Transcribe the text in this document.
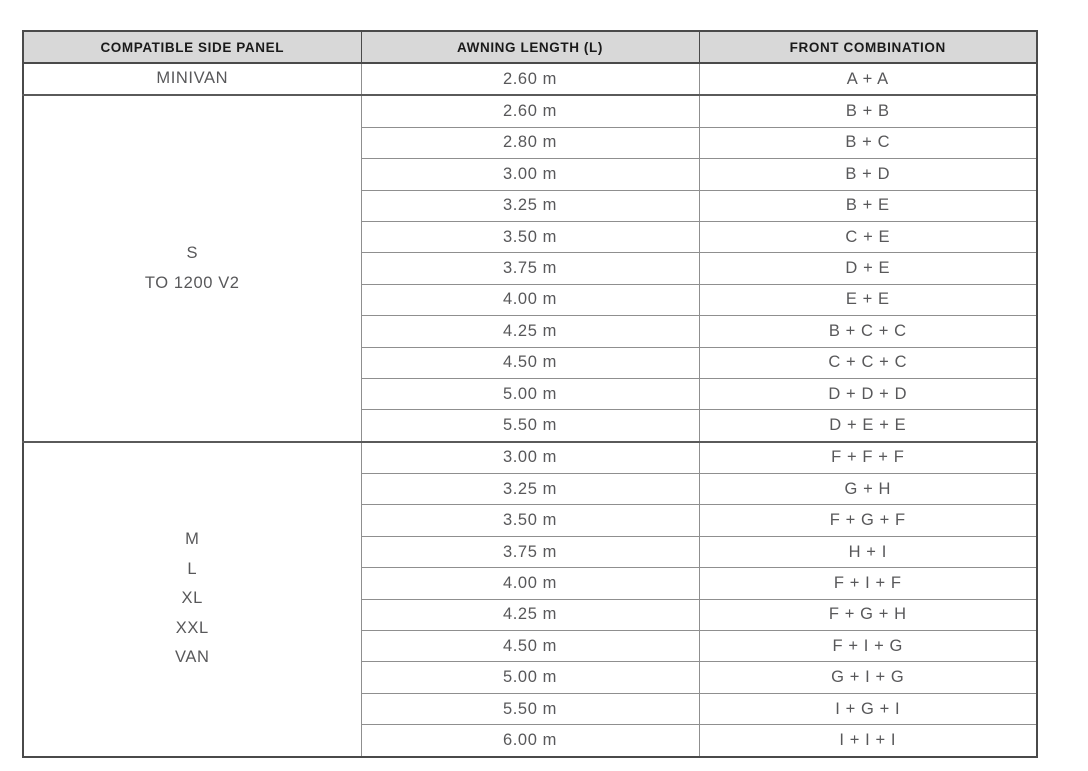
COMPATIBLE SIDE PANEL	AWNING LENGTH (L)	FRONT COMBINATION

MINIVAN	2.60 m	A + A

S
TO 1200 V2	2.60 m	B + B
	2.80 m	B + C
	3.00 m	B + D
	3.25 m	B + E
	3.50 m	C + E
	3.75 m	D + E
	4.00 m	E + E
	4.25 m	B + C + C
	4.50 m	C + C + C
	5.00 m	D + D + D
	5.50 m	D + E + E

M
L
XL
XXL
VAN	3.00 m	F + F + F
	3.25 m	G + H
	3.50 m	F + G + F
	3.75 m	H + I
	4.00 m	F + I + F
	4.25 m	F + G + H
	4.50 m	F + I + G
	5.00 m	G + I + G
	5.50 m	I + G + I
	6.00 m	I + I + I
